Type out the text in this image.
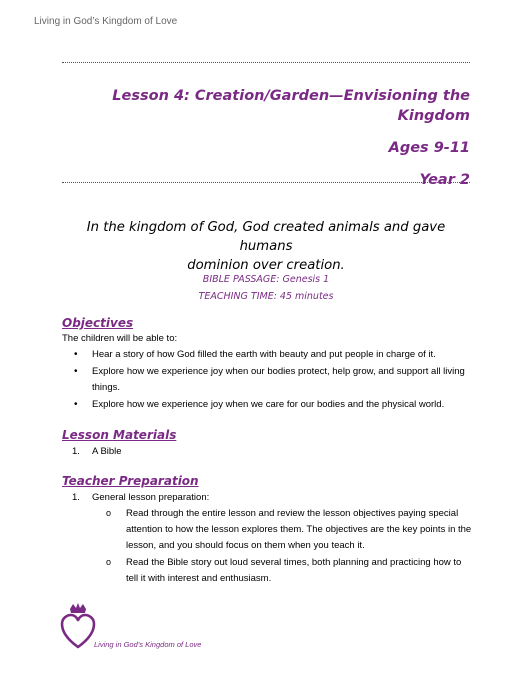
Living in God’s Kingdom of Love
Lesson 4: Creation/Garden—Envisioning the Kingdom
Ages 9-11
Year 2
In the kingdom of God, God created animals and gave humans
dominion over creation.
BIBLE PASSAGE: Genesis 1
TEACHING TIME: 45 minutes
Objectives
The children will be able to:
• Hear a story of how God filled the earth with beauty and put people in charge of it.
• Explore how we experience joy when our bodies protect, help grow, and support all living things.
• Explore how we experience joy when we care for our bodies and the physical world.
Lesson Materials
1. A Bible
Teacher Preparation
1. General lesson preparation:
o Read through the entire lesson and review the lesson objectives paying special attention to how the lesson explores them. The objectives are the key points in the lesson, and you should focus on them when you teach it.
o Read the Bible story out loud several times, both planning and practicing how to tell it with interest and enthusiasm.
Living in God’s Kingdom of Love
